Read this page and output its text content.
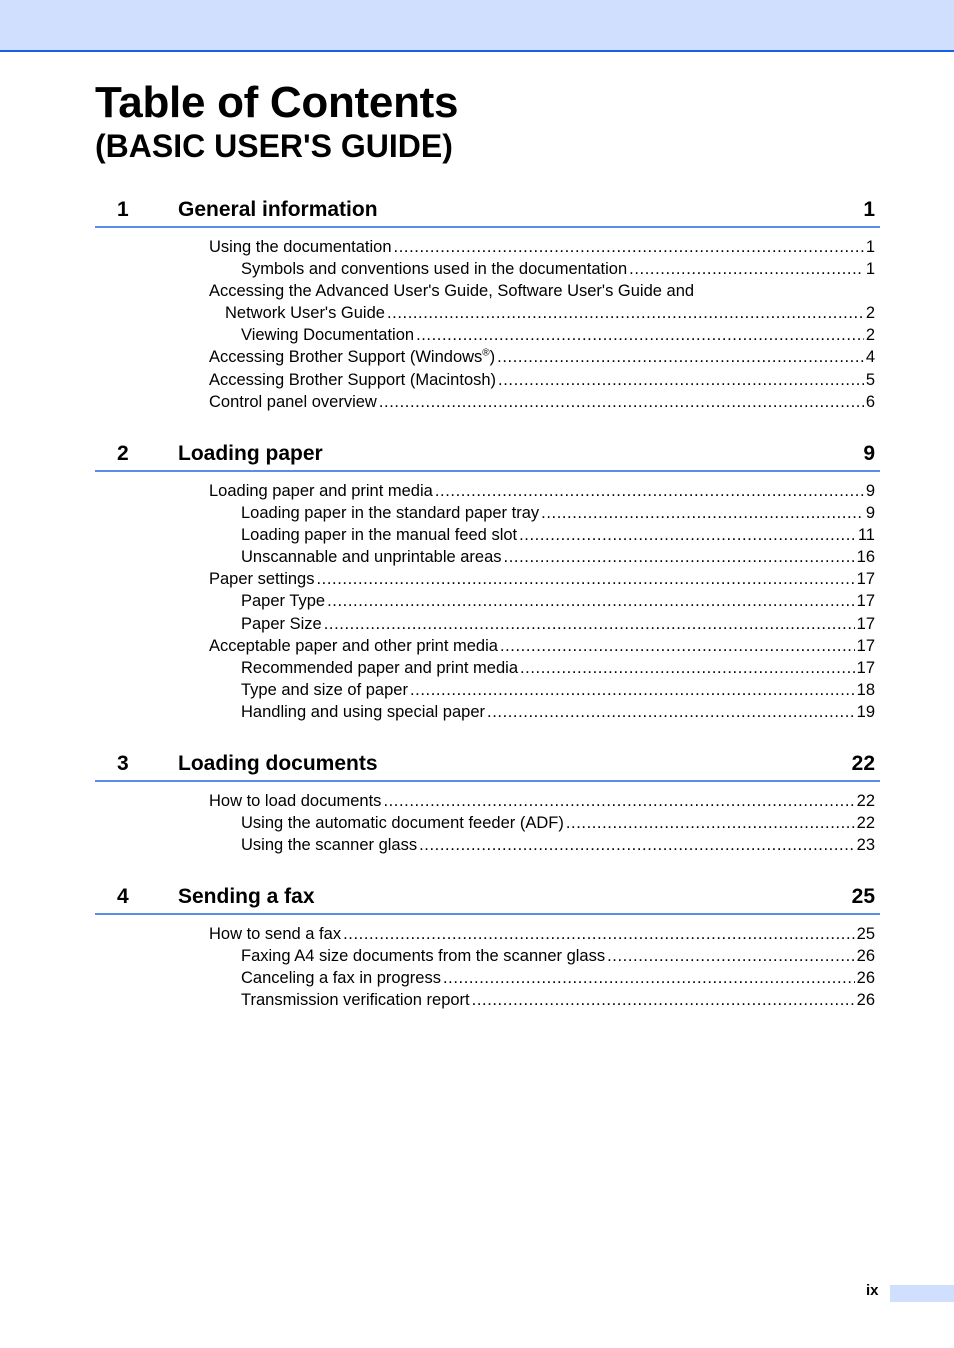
Table of Contents
(BASIC USER'S GUIDE)
1 General information	1
Using the documentation .....	1
Symbols and conventions used in the documentation .....	1
Accessing the Advanced User's Guide, Software User's Guide and
Network User's Guide .....	2
Viewing Documentation .....	2
Accessing Brother Support (Windows®) .....	4
Accessing Brother Support (Macintosh) .....	5
Control panel overview .....	6
2 Loading paper	9
Loading paper and print media .....	9
Loading paper in the standard paper tray .....	9
Loading paper in the manual feed slot .....	11
Unscannable and unprintable areas .....	16
Paper settings .....	17
Paper Type .....	17
Paper Size .....	17
Acceptable paper and other print media .....	17
Recommended paper and print media .....	17
Type and size of paper .....	18
Handling and using special paper .....	19
3 Loading documents	22
How to load documents .....	22
Using the automatic document feeder (ADF) .....	22
Using the scanner glass .....	23
4 Sending a fax	25
How to send a fax .....	25
Faxing A4 size documents from the scanner glass .....	26
Canceling a fax in progress .....	26
Transmission verification report .....	26
ix
